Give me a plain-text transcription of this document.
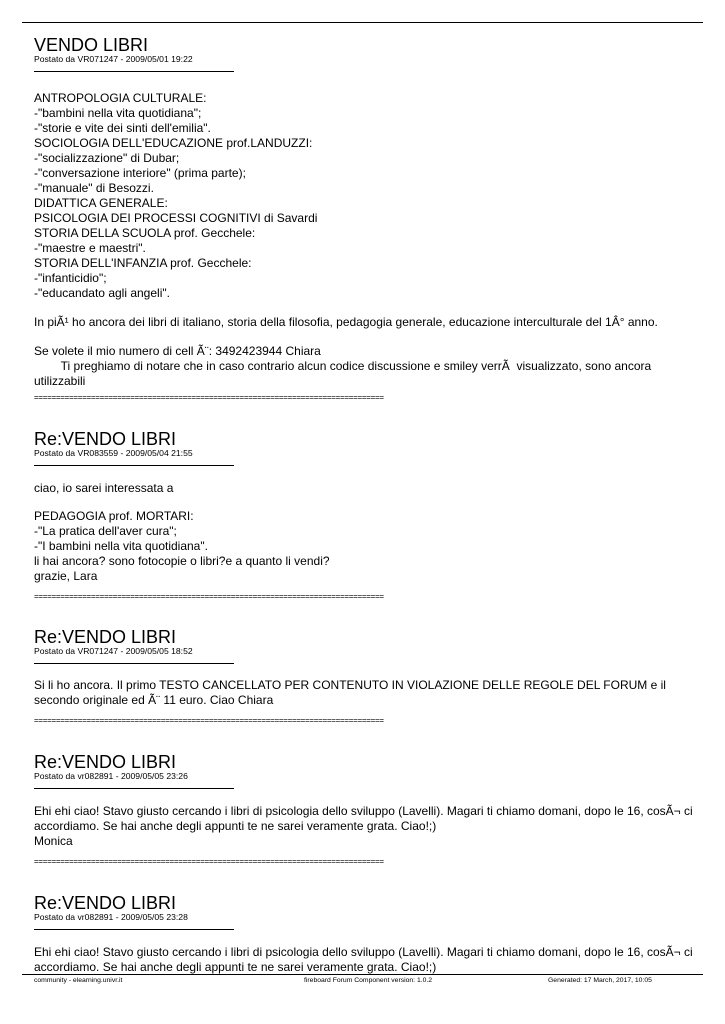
VENDO LIBRI
Postato da VR071247 - 2009/05/01 19:22
ANTROPOLOGIA CULTURALE:
-"bambini nella vita quotidiana";
-"storie e vite dei sinti dell'emilia".
SOCIOLOGIA DELL'EDUCAZIONE prof.LANDUZZI:
-"socializzazione" di Dubar;
-"conversazione interiore" (prima parte);
-"manuale" di Besozzi.
DIDATTICA GENERALE:
PSICOLOGIA DEI PROCESSI COGNITIVI di Savardi
STORIA DELLA SCUOLA prof. Gecchele:
-"maestre e maestri".
STORIA DELL'INFANZIA prof. Gecchele:
-"infanticidio";
-"educandato agli angeli".
In piÃ¹ ho ancora dei libri di italiano, storia della filosofia, pedagogia generale, educazione interculturale del 1Â° anno.
Se volete il mio numero di cell Ã¨: 3492423944 Chiara
Ti preghiamo di notare che in caso contrario alcun codice discussione e smiley verrÃ  visualizzato, sono ancora utilizzabili
================================================================================
Re:VENDO LIBRI
Postato da VR083559 - 2009/05/04 21:55
ciao, io sarei interessata a
PEDAGOGIA prof. MORTARI:
-"La pratica dell'aver cura";
-"I bambini nella vita quotidiana".
li hai ancora? sono fotocopie o libri?e a quanto li vendi?
grazie, Lara
================================================================================
Re:VENDO LIBRI
Postato da VR071247 - 2009/05/05 18:52
Si li ho ancora. Il primo TESTO CANCELLATO PER CONTENUTO IN VIOLAZIONE DELLE REGOLE DEL FORUM e il secondo originale ed Ã¨ 11 euro. Ciao Chiara
================================================================================
Re:VENDO LIBRI
Postato da vr082891 - 2009/05/05 23:26
Ehi ehi ciao! Stavo giusto cercando i libri di psicologia dello sviluppo (Lavelli). Magari ti chiamo domani, dopo le 16, cosÃ¬ ci accordiamo. Se hai anche degli appunti te ne sarei veramente grata. Ciao!;)
Monica
================================================================================
Re:VENDO LIBRI
Postato da vr082891 - 2009/05/05 23:28
Ehi ehi ciao! Stavo giusto cercando i libri di psicologia dello sviluppo (Lavelli). Magari ti chiamo domani, dopo le 16, cosÃ¬ ci accordiamo. Se hai anche degli appunti te ne sarei veramente grata. Ciao!;)
community - elearning.univr.it	fireboard Forum Component version: 1.0.2	Generated: 17 March, 2017, 10:05
